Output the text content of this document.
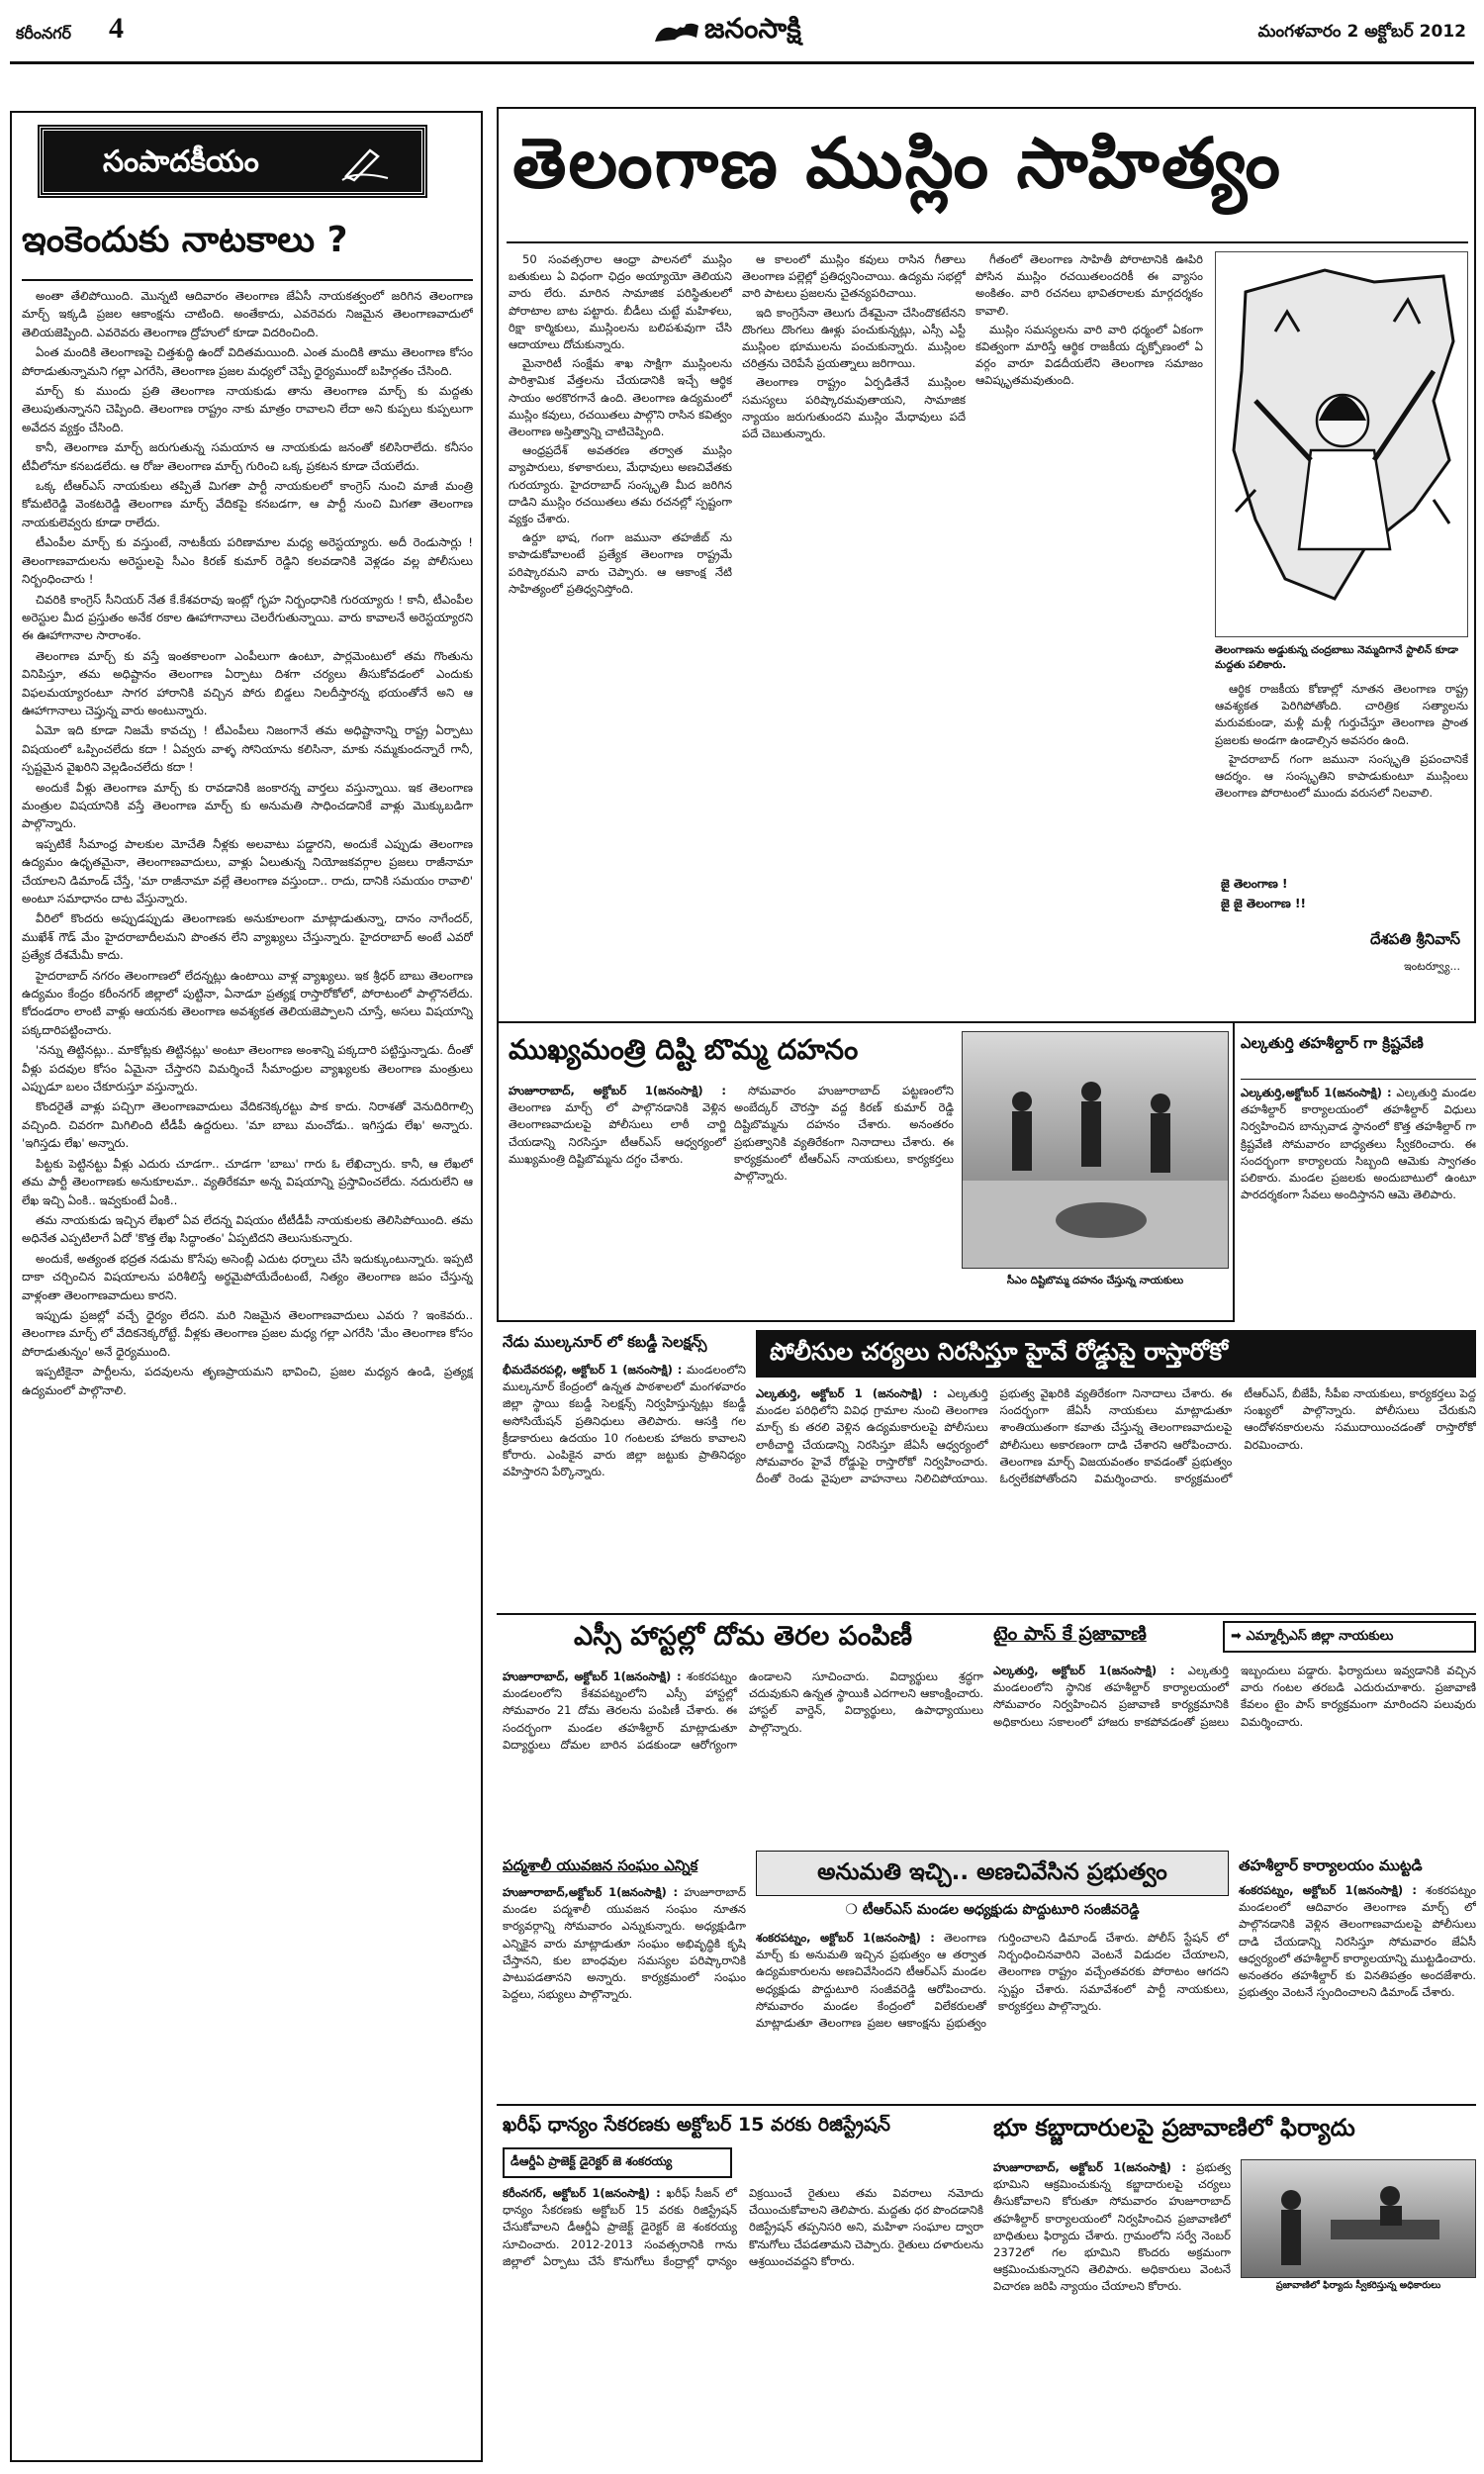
కరీంనగర్ 4	జనంసాక్షి	మంగళవారం 2 అక్టోబర్ 2012
సంపాదకీయం
ఇంకెందుకు నాటకాలు ?

అంతా తేలిపోయింది. మొన్నటి ఆదివారం తెలంగాణ జేఏసీ నాయకత్వంలో జరిగిన తెలంగాణ మార్చ్ ఇక్కడి ప్రజల ఆకాంక్షను చాటింది. అంతేకాదు, ఎవరెవరు నిజమైన తెలంగాణవాదులో తెలియజెప్పింది. ఎవరెవరు తెలంగాణ ద్రోహులో కూడా విదరించింది.

ఏంత మందికి తెలంగాణపై చిత్తశుద్ధి ఉందో విదితమయింది. ఎంత మందికి తాము తెలంగాణ కోసం పోరాడుతున్నామని గల్లా ఎగరేసి, తెలంగాణ ప్రజల మధ్యలో చెప్పే ధైర్యముందో బహిర్గతం చేసింది.

మార్చ్ కు ముందు ప్రతి తెలంగాణ నాయకుడు తాను తెలంగాణ మార్చ్ కు మద్దతు తెలుపుతున్నానని చెప్పింది. తెలంగాణ రాష్ట్రం నాకు మాత్రం రావాలని లేదా అని కుప్పలు కుప్పలుగా అవేదన వ్యక్తం చేసింది.

కానీ, తెలంగాణ మార్చ్ జరుగుతున్న సమయాన ఆ నాయకుడు జనంతో కలిసిరాలేదు. కనీసం టీవీలోనూ కనబడలేదు. ఆ రోజు తెలంగాణ మార్చ్ గురించి ఒక్క ప్రకటన కూడా చేయలేదు.

ఒక్క టీఆర్ఎస్ నాయకులు తప్పితే మిగతా పార్టీ నాయకులలో కాంగ్రెస్ నుంచి మాజీ మంత్రి కోమటిరెడ్డి వెంకటరెడ్డి తెలంగాణ మార్చ్ వేదికపై కనబడగా, ఆ పార్టీ నుంచి మిగతా తెలంగాణ నాయకులెవ్వరు కూడా రాలేదు.

టీఎంపీల మార్చ్ కు వస్తుంటే, నాటకీయ పరిణామాల మధ్య అరెస్టయ్యారు. అదీ రెండుసార్లు ! తెలంగాణవాదులను అరెస్టులపై సీఎం కిరణ్ కుమార్ రెడ్డిని కలవడానికి వెళ్లడం వల్ల పోలీసులు నిర్బంధించారు !

చివరికి కాంగ్రెస్ సీనియర్ నేత కే.కేశవరావు ఇంట్లో గృహ నిర్బంధానికి గురయ్యారు ! కానీ, టీఎంపీల అరెస్టుల మీద ప్రస్తుతం అనేక రకాల ఊహాగానాలు చెలరేగుతున్నాయి. వారు కావాలనే అరెస్టయ్యారని ఈ ఊహాగానాల సారాంశం.

తెలంగాణ మార్చ్ కు వస్తే ఇంతకాలంగా ఎంపీలుగా ఉంటూ, పార్లమెంటులో తమ గొంతును వినిపిస్తూ, తమ అధిష్టానం తెలంగాణ ఏర్పాటు దిశగా చర్యలు తీసుకోవడంలో ఎందుకు విఫలమయ్యారంటూ సాగర హారానికి వచ్చిన పోరు బిడ్డలు నిలదీస్తారన్న భయంతోనే అని ఆ ఊహాగానాలు చెప్తున్న వారు అంటున్నారు.

ఏమో ఇది కూడా నిజమే కావచ్చు ! టీఎంపీలు నిజంగానే తమ అధిష్టానాన్ని రాష్ట్ర ఏర్పాటు విషయంలో ఒప్పించలేదు కదా ! ఏవ్వరు వాళ్ళ సోనియాను కలిసినా, మాకు నమ్మకుందన్నారే గానీ, స్పష్టమైన వైఖరిని వెల్లడించలేదు కదా !

అందుకే వీళ్లు తెలంగాణ మార్చ్ కు రావడానికి జంకారన్న వార్తలు వస్తున్నాయి. ఇక తెలంగాణ మంత్రుల విషయానికి వస్తే తెలంగాణ మార్చ్ కు అనుమతి సాధించడానికే వాళ్లు మొక్కుబడిగా పాల్గొన్నారు.

ఇప్పటికే సీమాంధ్ర పాలకుల మోచేతి నీళ్లకు అలవాటు పడ్డారని, అందుకే ఎప్పుడు తెలంగాణ ఉద్యమం ఉధృతమైనా, తెలంగాణవాదులు, వాళ్లు ఏలుతున్న నియోజకవర్గాల ప్రజలు రాజీనామా చేయాలని డిమాండ్ చేస్తే, 'మా రాజీనామా వల్లే తెలంగాణ వస్తుందా.. రాదు, దానికి సమయం రావాలి' అంటూ సమాధానం దాట వేస్తున్నారు.

వీరిలో కొందరు అప్పుడప్పుడు తెలంగాణకు అనుకూలంగా మాట్లాడుతున్నా, దానం నాగేందర్, ముఖేశ్ గౌడ్ మేం హైదరాబాదీలమని పొంతన లేని వ్యాఖ్యలు చేస్తున్నారు. హైదరాబాద్ అంటే ఎవరో ప్రత్యేక దేశమేమీ కాదు.

హైదరాబాద్ నగరం తెలంగాణలో లేదన్నట్లు ఉంటాయి వాళ్ల వ్యాఖ్యలు. ఇక శ్రీధర్ బాబు తెలంగాణ ఉద్యమం కేంద్రం కరీంనగర్ జిల్లాలో పుట్టినా, ఏనాడూ ప్రత్యక్ష రాస్తారోకోలో, పోరాటంలో పాల్గొనలేదు. కోదండరాం లాంటి వాళ్లు ఆయనకు తెలంగాణ అవశ్యకత తెలియజెప్పాలని చూస్తే, అసలు విషయాన్ని పక్కదారిపట్టించారు.

'నన్ను తిట్టినట్లు.. మాకోట్లకు తిట్టినట్లు' అంటూ తెలంగాణ అంశాన్ని పక్కదారి పట్టిస్తున్నాడు. దీంతో వీళ్లు పదవుల కోసం ఏమైనా చేస్తారని విమర్శించే సీమాంధ్రుల వ్యాఖ్యలకు తెలంగాణ మంత్రులు ఎప్పుడూ బలం చేకూరుస్తూ వస్తున్నారు.

కొందరైతే వాళ్లు పచ్చిగా తెలంగాణవాదులు వేదికనెక్కరట్టు పాక కాదు. నిరాశతో వెనుదిరిగాల్సి వచ్చింది. చివరగా మిగిలింది టీడీపీ ఉద్దరులు. 'మా బాబు మంచోడు.. ఇగిస్తడు లేఖ' అన్నారు. 'ఇగిస్తడు లేఖ' అన్నారు.

పిట్టకు పెట్టినట్టు వీళ్లు ఎదురు చూడగా.. చూడగా 'బాబు' గారు ఓ లేఖిచ్చారు. కానీ, ఆ లేఖలో తమ పార్టీ తెలంగాణకు అనుకూలమా.. వ్యతిరేకమా అన్న విషయాన్ని ప్రస్తావించలేదు. నదురులేని ఆ లేఖ ఇచ్చి ఏంకి.. ఇవ్వకుంటే ఏంకి..

తమ నాయకుడు ఇచ్చిన లేఖలో ఏవ లేదన్న విషయం టీటీడీపీ నాయకులకు తెలిసిపోయింది. తమ అధినేత ఎప్పటిలాగే ఏదో 'కొత్త లేఖ సిద్ధాంతం' ఏప్పటిదని తెలుసుకున్నారు.

అందుకే, అత్యంత భద్రత నడుమ కొసేపు అసెంబ్లీ ఎదుట ధర్నాలు చేసి ఇదుక్కుంటున్నారు. ఇప్పటి దాకా చర్చించిన విషయాలను పరిశీలిస్తే అర్థమైపోయేదేంటంటే, నిత్యం తెలంగాణ జపం చేస్తున్న వాళ్లంతా తెలంగాణవాదులు కారని.

ఇప్పుడు ప్రజల్లో వచ్చే ధైర్యం లేదని. మరి నిజమైన తెలంగాణవాదులు ఎవరు ? ఇంకెవరు.. తెలంగాణ మార్చ్ లో వేదికనెక్కరోట్టే. వీళ్లకు తెలంగాణ ప్రజల మధ్య గల్లా ఎగరేసి 'మేం తెలంగాణ కోసం పోరాడుతున్నం' అనే ధైర్యముంది.

ఇప్పటికైనా పార్టీలను, పదవులను తృణప్రాయమని భావించి, ప్రజల మధ్యన ఉండి, ప్రత్యక్ష ఉద్యమంలో పాల్గొనాలి.

తెలంగాణ ముస్లిం సాహిత్యం

50 సంవత్సరాల ఆంధ్రా పాలనలో ముస్లిం బతుకులు ఏ విధంగా ఛిద్రం అయ్యాయో తెలియని వారు లేరు. మారిన సామాజిక పరిస్థితులలో పోరాటాల బాట పట్టారు. బీడీలు చుట్టే మహిళలు, రిక్షా కార్మికులు, ముస్లింలను బలిపశువుగా చేసి ఆదాయాలు దోచుకున్నారు.

మైనారిటీ సంక్షేమ శాఖ సాక్షిగా ముస్లింలను పారిశ్రామిక వేత్తలను చేయడానికి ఇచ్చే ఆర్థిక సాయం అరకొరగానే ఉంది. తెలంగాణ ఉద్యమంలో ముస్లిం కవులు, రచయితలు పాల్గొని రాసిన కవిత్వం తెలంగాణ అస్తిత్వాన్ని చాటిచెప్పింది.

ఆంధ్రప్రదేశ్ అవతరణ తర్వాత ముస్లిం వ్యాపారులు, కళాకారులు, మేధావులు అణచివేతకు గురయ్యారు. హైదరాబాద్ సంస్కృతి మీద జరిగిన దాడిని ముస్లిం రచయితలు తమ రచనల్లో స్పష్టంగా వ్యక్తం చేశారు.

ఉర్దూ భాష, గంగా జమునా తహజీబ్ ను కాపాడుకోవాలంటే ప్రత్యేక తెలంగాణ రాష్ట్రమే పరిష్కారమని వారు చెప్పారు. ఆ ఆకాంక్ష నేటి సాహిత్యంలో ప్రతిధ్వనిస్తోంది.

ఆ కాలంలో ముస్లిం కవులు రాసిన గీతాలు తెలంగాణ పల్లెల్లో ప్రతిధ్వనించాయి. ఉద్యమ సభల్లో వారి పాటలు ప్రజలను చైతన్యపరిచాయి.

ఇది కాంగ్రెసేనా తెలుగు దేశమైనా చేసిందొకటేనని దొంగలు దొంగలు ఊళ్లు పంచుకున్నట్లు, ఎస్సీ ఎస్టీ ముస్లింల భూములను పంచుకున్నారు. ముస్లింల చరిత్రను చెరిపేసే ప్రయత్నాలు జరిగాయి.

తెలంగాణ రాష్ట్రం ఏర్పడితేనే ముస్లింల సమస్యలు పరిష్కారమవుతాయని, సామాజిక న్యాయం జరుగుతుందని ముస్లిం మేధావులు పదే పదే చెబుతున్నారు.

గీతంలో తెలంగాణ సాహితీ పోరాటానికి ఊపిరి పోసిన ముస్లిం రచయితలందరికీ ఈ వ్యాసం అంకితం. వారి రచనలు భావితరాలకు మార్గదర్శకం కావాలి.

ముస్లిం సమస్యలను వారి వారి ధర్మంలో ఏకంగా కవిత్వంగా మారిస్తే ఆర్థిక రాజకీయ దృక్పోణంలో ఏ వర్గం వారూ విడదీయలేని తెలంగాణ సమాజం ఆవిష్కృతమవుతుంది.

తెలంగాణను అడ్డుకున్న చంద్రబాబు నెమ్మదిగానే స్టాలిన్ కూడా మద్దతు పలికారు.

ఆర్థిక రాజకీయ కోణాల్లో నూతన తెలంగాణ రాష్ట్ర ఆవశ్యకత పెరిగిపోతోంది. చారిత్రిక సత్యాలను మరువకుండా, మళ్లీ మళ్లీ గుర్తుచేస్తూ తెలంగాణ ప్రాంత ప్రజలకు అండగా ఉండాల్సిన అవసరం ఉంది.

హైదరాబాద్ గంగా జమునా సంస్కృతి ప్రపంచానికే ఆదర్శం. ఆ సంస్కృతిని కాపాడుకుంటూ ముస్లింలు తెలంగాణ పోరాటంలో ముందు వరుసలో నిలవాలి.

జై తెలంగాణ !
జై జై తెలంగాణ !!
దేశపతి శ్రీనివాస్
ఇంటర్వ్యూ...
ముఖ్యమంత్రి దిష్టి బొమ్మ దహనం
సీఎం దిష్టిబొమ్మ దహనం చేస్తున్న నాయకులు
హుజూరాబాద్, అక్టోబర్ 1(జనంసాక్షి) : తెలంగాణ మార్చ్ లో పాల్గొనడానికి వెళ్లిన తెలంగాణవాదులపై పోలీసులు లాఠీ చార్జి చేయడాన్ని నిరసిస్తూ టీఆర్ఎస్ ఆధ్వర్యంలో ముఖ్యమంత్రి దిష్టిబొమ్మను దగ్ధం చేశారు.

సోమవారం హుజూరాబాద్ పట్టణంలోని అంబేద్కర్ చౌరస్తా వద్ద కిరణ్ కుమార్ రెడ్డి దిష్టిబొమ్మను దహనం చేశారు. అనంతరం ప్రభుత్వానికి వ్యతిరేకంగా నినాదాలు చేశారు. ఈ కార్యక్రమంలో టీఆర్ఎస్ నాయకులు, కార్యకర్తలు పాల్గొన్నారు.

ఎల్కతుర్తి తహశీల్దార్ గా క్రిష్టవేణి
ఎల్కతుర్తి,అక్టోబర్ 1(జనంసాక్షి) : ఎల్కతుర్తి మండల తహశీల్దార్ కార్యాలయంలో తహశీల్దార్ విధులు నిర్వహించిన బాన్సువాడ స్థానంలో కొత్త తహశీల్దార్ గా క్రిష్టవేణి సోమవారం బాధ్యతలు స్వీకరించారు. ఈ సందర్భంగా కార్యాలయ సిబ్బంది ఆమెకు స్వాగతం పలికారు. మండల ప్రజలకు అందుబాటులో ఉంటూ పారదర్శకంగా సేవలు అందిస్తానని ఆమె తెలిపారు.
నేడు ముల్కనూర్ లో కబడ్డీ సెలక్షన్స్
భీమదేవరపల్లి, అక్టోబర్ 1 (జనంసాక్షి) : మండలంలోని ముల్కనూర్ కేంద్రంలో ఉన్నత పాఠశాలలో మంగళవారం జిల్లా స్థాయి కబడ్డీ సెలక్షన్స్ నిర్వహిస్తున్నట్లు కబడ్డీ అసోసియేషన్ ప్రతినిధులు తెలిపారు. ఆసక్తి గల క్రీడాకారులు ఉదయం 10 గంటలకు హాజరు కావాలని కోరారు. ఎంపికైన వారు జిల్లా జట్టుకు ప్రాతినిధ్యం వహిస్తారని పేర్కొన్నారు.
పోలీసుల చర్యలు నిరసిస్తూ హైవే రోడ్డుపై రాస్తారోకో
ఎల్కతుర్తి, అక్టోబర్ 1 (జనంసాక్షి) : ఎల్కతుర్తి మండల పరిధిలోని వివిధ గ్రామాల నుంచి తెలంగాణ మార్చ్ కు తరలి వెళ్లిన ఉద్యమకారులపై పోలీసులు లాఠీచార్జి చేయడాన్ని నిరసిస్తూ జేఏసీ ఆధ్వర్యంలో సోమవారం హైవే రోడ్డుపై రాస్తారోకో నిర్వహించారు. దీంతో రెండు వైపులా వాహనాలు నిలిచిపోయాయి. ప్రభుత్వ వైఖరికి వ్యతిరేకంగా నినాదాలు చేశారు. ఈ సందర్భంగా జేఏసీ నాయకులు మాట్లాడుతూ శాంతియుతంగా కవాతు చేస్తున్న తెలంగాణవాదులపై పోలీసులు అకారణంగా దాడి చేశారని ఆరోపించారు. తెలంగాణ మార్చ్ విజయవంతం కావడంతో ప్రభుత్వం ఓర్వలేకపోతోందని విమర్శించారు. కార్యక్రమంలో టీఆర్ఎస్, బీజేపీ, సీపీఐ నాయకులు, కార్యకర్తలు పెద్ద సంఖ్యలో పాల్గొన్నారు. పోలీసులు చేరుకుని ఆందోళనకారులను సముదాయించడంతో రాస్తారోకో విరమించారు.
ఎస్సీ హాస్టల్లో దోమ తెరల పంపిణీ
హుజూరాబాద్, అక్టోబర్ 1(జనంసాక్షి) : శంకరపట్నం మండలంలోని కేశవపట్నంలోని ఎస్సీ హాస్టల్లో సోమవారం 21 దోమ తెరలను పంపిణీ చేశారు. ఈ సందర్భంగా మండల తహశీల్దార్ మాట్లాడుతూ విద్యార్థులు దోమల బారిన పడకుండా ఆరోగ్యంగా ఉండాలని సూచించారు. విద్యార్థులు శ్రద్ధగా చదువుకుని ఉన్నత స్థాయికి ఎదగాలని ఆకాంక్షించారు. హాస్టల్ వార్డెన్, విద్యార్థులు, ఉపాధ్యాయులు పాల్గొన్నారు.
టైం పాస్ కే ప్రజావాణి	➡ ఎమ్మార్పీఎస్ జిల్లా నాయకులు
ఎల్కతుర్తి, అక్టోబర్ 1(జనంసాక్షి) : ఎల్కతుర్తి మండలంలోని స్థానిక తహశీల్దార్ కార్యాలయంలో సోమవారం నిర్వహించిన ప్రజావాణి కార్యక్రమానికి అధికారులు సకాలంలో హాజరు కాకపోవడంతో ప్రజలు ఇబ్బందులు పడ్డారు. ఫిర్యాదులు ఇవ్వడానికి వచ్చిన వారు గంటల తరబడి ఎదురుచూశారు. ప్రజావాణి కేవలం టైం పాస్ కార్యక్రమంగా మారిందని పలువురు విమర్శించారు.
పద్మశాలీ యువజన సంఘం ఎన్నిక
హుజూరాబాద్,అక్టోబర్ 1(జనంసాక్షి) : హుజూరాబాద్ మండల పద్మశాలీ యువజన సంఘం నూతన కార్యవర్గాన్ని సోమవారం ఎన్నుకున్నారు. అధ్యక్షుడిగా ఎన్నికైన వారు మాట్లాడుతూ సంఘం అభివృద్ధికి కృషి చేస్తానని, కుల బాంధవుల సమస్యల పరిష్కారానికి పాటుపడతానని అన్నారు. కార్యక్రమంలో సంఘం పెద్దలు, సభ్యులు పాల్గొన్నారు.
అనుమతి ఇచ్చి.. అణచివేసిన ప్రభుత్వం
❍ టీఆర్ఎస్ మండల అధ్యక్షుడు పొద్దుటూరి సంజీవరెడ్డి
శంకరపట్నం, అక్టోబర్ 1(జనంసాక్షి) : తెలంగాణ మార్చ్ కు అనుమతి ఇచ్చిన ప్రభుత్వం ఆ తర్వాత ఉద్యమకారులను అణచివేసిందని టీఆర్ఎస్ మండల అధ్యక్షుడు పొద్దుటూరి సంజీవరెడ్డి ఆరోపించారు. సోమవారం మండల కేంద్రంలో విలేకరులతో మాట్లాడుతూ తెలంగాణ ప్రజల ఆకాంక్షను ప్రభుత్వం గుర్తించాలని డిమాండ్ చేశారు. పోలీస్ స్టేషన్ లో నిర్బంధించినవారిని వెంటనే విడుదల చేయాలని, తెలంగాణ రాష్ట్రం వచ్చేంతవరకు పోరాటం ఆగదని స్పష్టం చేశారు. సమావేశంలో పార్టీ నాయకులు, కార్యకర్తలు పాల్గొన్నారు.
తహశీల్దార్ కార్యాలయం ముట్టడి
శంకరపట్నం, అక్టోబర్ 1(జనంసాక్షి) : శంకరపట్నం మండలంలో ఆదివారం తెలంగాణ మార్చ్ లో పాల్గొనడానికి వెళ్లిన తెలంగాణవాదులపై పోలీసులు దాడి చేయడాన్ని నిరసిస్తూ సోమవారం జేఏసీ ఆధ్వర్యంలో తహశీల్దార్ కార్యాలయాన్ని ముట్టడించారు. అనంతరం తహశీల్దార్ కు వినతిపత్రం అందజేశారు. ప్రభుత్వం వెంటనే స్పందించాలని డిమాండ్ చేశారు.
ఖరీఫ్ ధాన్యం సేకరణకు అక్టోబర్ 15 వరకు రిజిస్ట్రేషన్
డీఆర్డీఏ ప్రాజెక్ట్ డైరెక్టర్ జె శంకరయ్య
కరీంనగర్, అక్టోబర్ 1(జనంసాక్షి) : ఖరీఫ్ సీజన్ లో ధాన్యం సేకరణకు అక్టోబర్ 15 వరకు రిజిస్ట్రేషన్ చేసుకోవాలని డీఆర్డీఏ ప్రాజెక్ట్ డైరెక్టర్ జె శంకరయ్య సూచించారు. 2012-2013 సంవత్సరానికి గాను జిల్లాలో ఏర్పాటు చేసే కొనుగోలు కేంద్రాల్లో ధాన్యం విక్రయించే రైతులు తమ వివరాలు నమోదు చేయించుకోవాలని తెలిపారు. మద్దతు ధర పొందడానికి రిజిస్ట్రేషన్ తప్పనిసరి అని, మహిళా సంఘాల ద్వారా కొనుగోలు చేపడతామని చెప్పారు. రైతులు దళారులను ఆశ్రయించవద్దని కోరారు.
భూ కబ్జాదారులపై ప్రజావాణిలో ఫిర్యాదు
హుజూరాబాద్, అక్టోబర్ 1(జనంసాక్షి) : ప్రభుత్వ భూమిని ఆక్రమించుకున్న కబ్జాదారులపై చర్యలు తీసుకోవాలని కోరుతూ సోమవారం హుజూరాబాద్ తహశీల్దార్ కార్యాలయంలో నిర్వహించిన ప్రజావాణిలో బాధితులు ఫిర్యాదు చేశారు. గ్రామంలోని సర్వే నెంబర్ 2372లో గల భూమిని కొందరు అక్రమంగా ఆక్రమించుకున్నారని తెలిపారు. అధికారులు వెంటనే విచారణ జరిపి న్యాయం చేయాలని కోరారు.	ప్రజావాణిలో ఫిర్యాదు స్వీకరిస్తున్న అధికారులు
